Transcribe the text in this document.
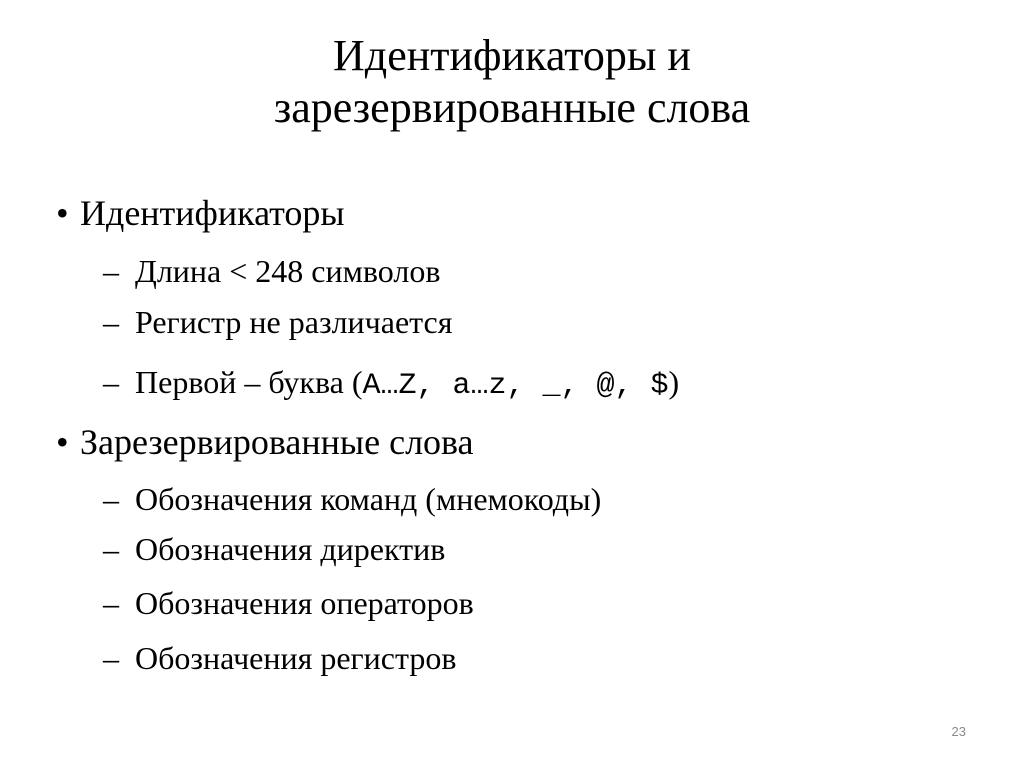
Идентификаторы и
зарезервированные слова
• Идентификаторы
– Длина < 248 символов
– Регистр не различается
– Первой – буква (A…Z, a…z, _, @, $)
• Зарезервированные слова
– Обозначения команд (мнемокоды)
– Обозначения директив
– Обозначения операторов
– Обозначения регистров
23
